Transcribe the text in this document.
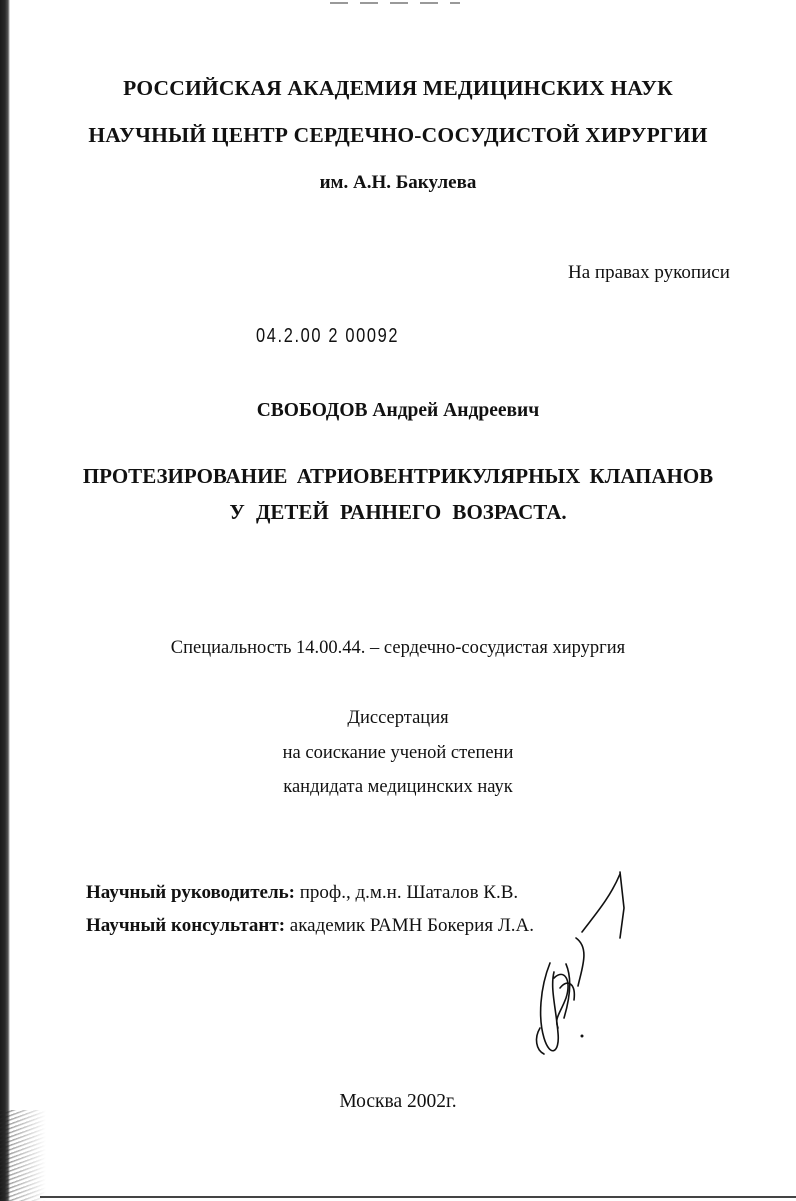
РОССИЙСКАЯ АКАДЕМИЯ МЕДИЦИНСКИХ НАУК
НАУЧНЫЙ ЦЕНТР СЕРДЕЧНО-СОСУДИСТОЙ ХИРУРГИИ
им. А.Н. Бакулева
На правах рукописи
04.2.00 2 00092
СВОБОДОВ Андрей Андреевич
ПРОТЕЗИРОВАНИЕ АТРИОВЕНТРИКУЛЯРНЫХ КЛАПАНОВ
У ДЕТЕЙ РАННЕГО ВОЗРАСТА.
Специальность 14.00.44. – сердечно-сосудистая хирургия
Диссертация
на соискание ученой степени
кандидата медицинских наук
Научный руководитель: проф., д.м.н. Шаталов К.В.
Научный консультант: академик РАМН Бокерия Л.А.
Москва 2002г.
